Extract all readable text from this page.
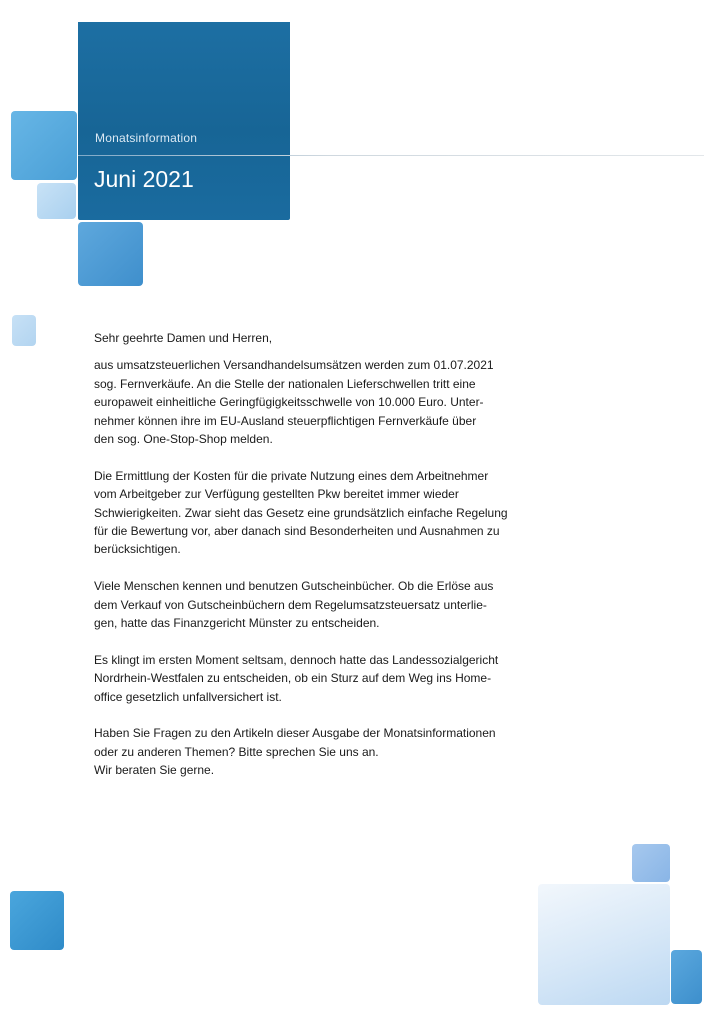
Monatsinformation
Juni 2021

Sehr geehrte Damen und Herren,

aus umsatzsteuerlichen Versandhandelsumsätzen werden zum 01.07.2021
sog. Fernverkäufe. An die Stelle der nationalen Lieferschwellen tritt eine
europaweit einheitliche Geringfügigkeitsschwelle von 10.000 Euro. Unter-
nehmer können ihre im EU-Ausland steuerpflichtigen Fernverkäufe über
den sog. One-Stop-Shop melden.

Die Ermittlung der Kosten für die private Nutzung eines dem Arbeitnehmer
vom Arbeitgeber zur Verfügung gestellten Pkw bereitet immer wieder
Schwierigkeiten. Zwar sieht das Gesetz eine grundsätzlich einfache Regelung
für die Bewertung vor, aber danach sind Besonderheiten und Ausnahmen zu
berücksichtigen.

Viele Menschen kennen und benutzen Gutscheinbücher. Ob die Erlöse aus
dem Verkauf von Gutscheinbüchern dem Regelumsatzsteuersatz unterlie-
gen, hatte das Finanzgericht Münster zu entscheiden.

Es klingt im ersten Moment seltsam, dennoch hatte das Landessozialgericht
Nordrhein-Westfalen zu entscheiden, ob ein Sturz auf dem Weg ins Home-
office gesetzlich unfallversichert ist.

Haben Sie Fragen zu den Artikeln dieser Ausgabe der Monatsinformationen
oder zu anderen Themen? Bitte sprechen Sie uns an.
Wir beraten Sie gerne.
